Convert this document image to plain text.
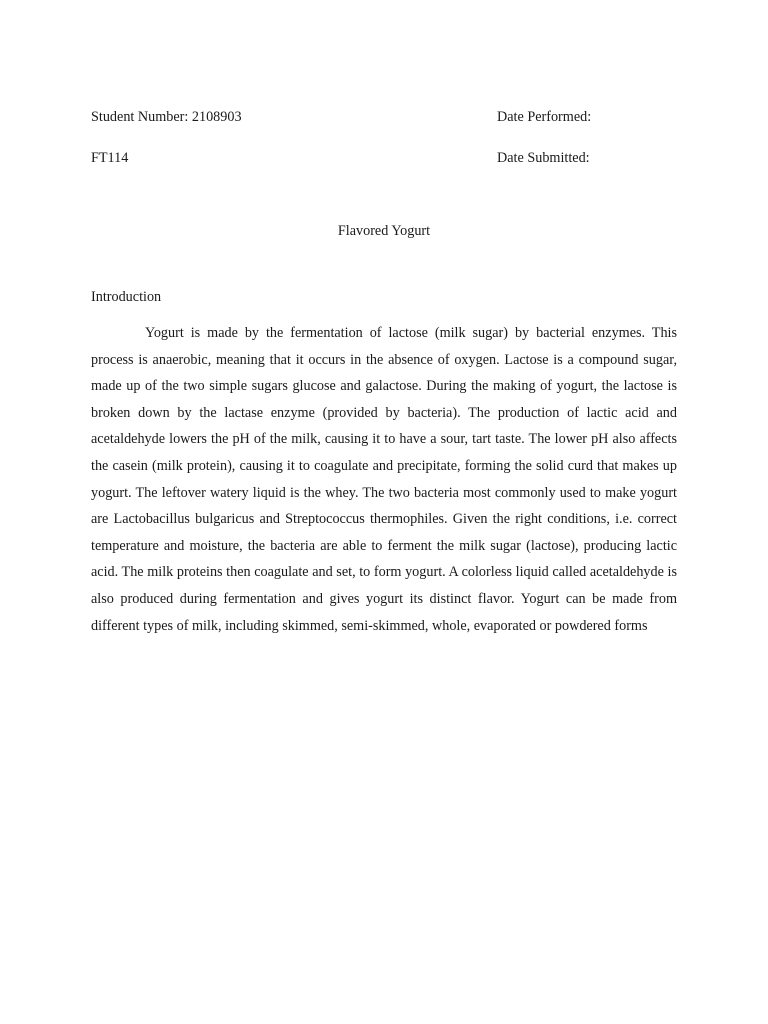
Student Number: 2108903	Date Performed:
FT114	Date Submitted:
Flavored Yogurt
Introduction

Yogurt is made by the fermentation of lactose (milk sugar) by bacterial enzymes. This process is anaerobic, meaning that it occurs in the absence of oxygen. Lactose is a compound sugar, made up of the two simple sugars glucose and galactose. During the making of yogurt, the lactose is broken down by the lactase enzyme (provided by bacteria). The production of lactic acid and acetaldehyde lowers the pH of the milk, causing it to have a sour, tart taste. The lower pH also affects the casein (milk protein), causing it to coagulate and precipitate, forming the solid curd that makes up yogurt. The leftover watery liquid is the whey. The two bacteria most commonly used to make yogurt are Lactobacillus bulgaricus and Streptococcus thermophiles. Given the right conditions, i.e. correct temperature and moisture, the bacteria are able to ferment the milk sugar (lactose), producing lactic acid. The milk proteins then coagulate and set, to form yogurt. A colorless liquid called acetaldehyde is also produced during fermentation and gives yogurt its distinct flavor. Yogurt can be made from different types of milk, including skimmed, semi-skimmed, whole, evaporated or powdered forms
